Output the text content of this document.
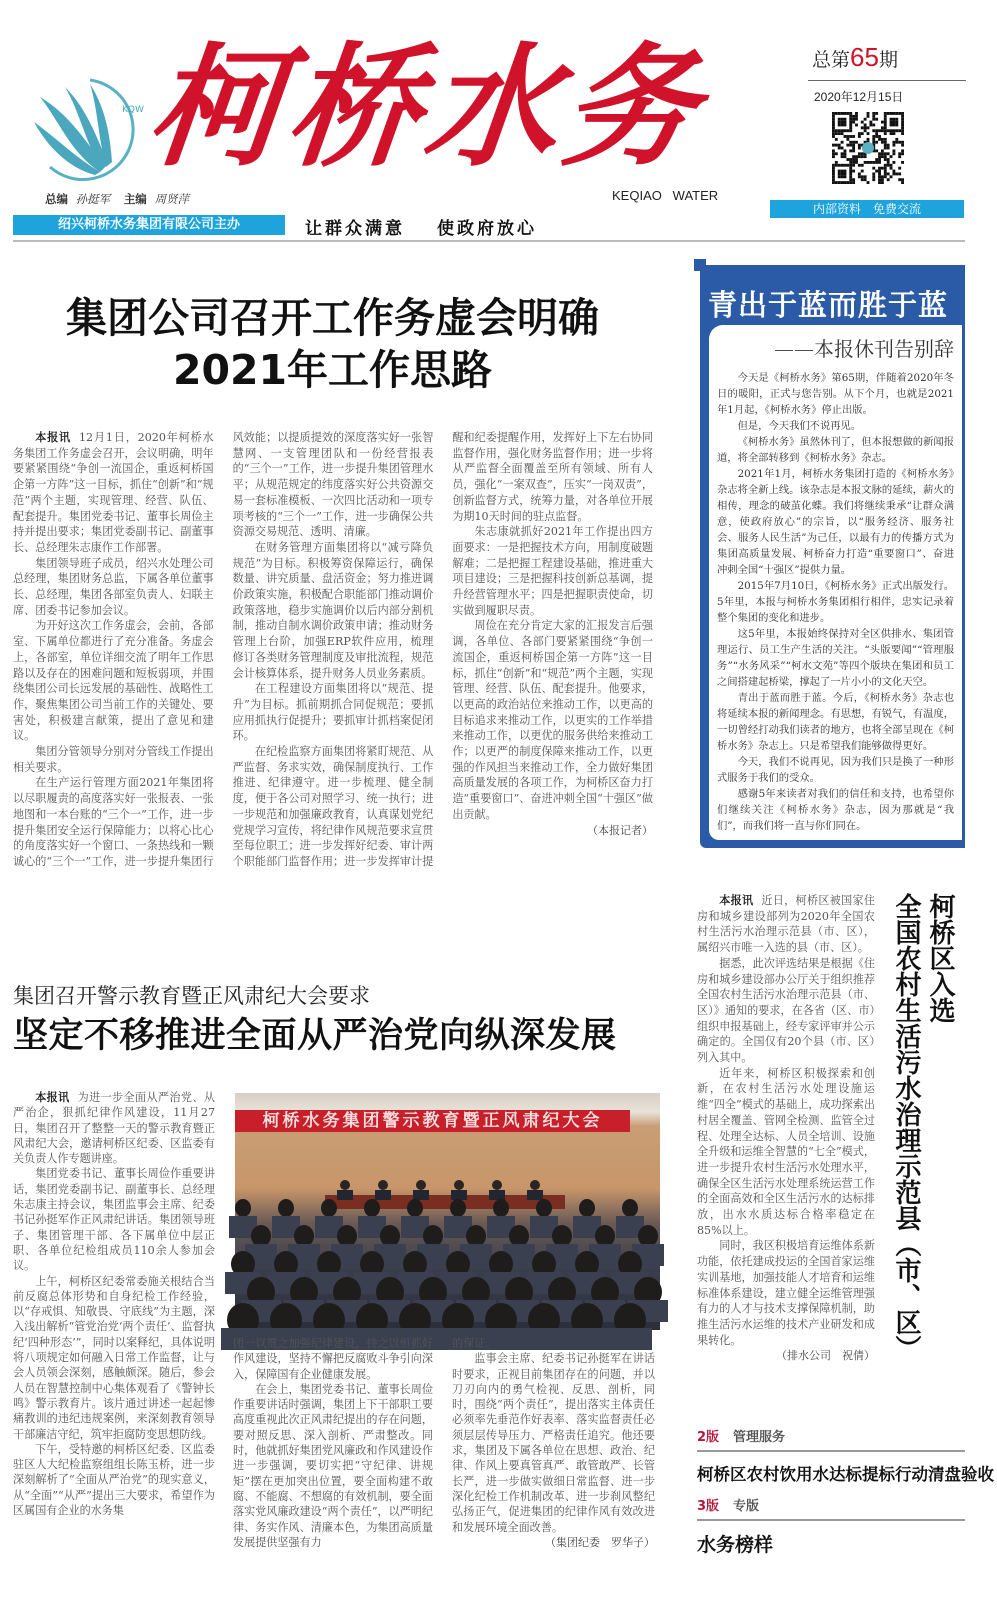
KQW
柯桥水务	总第65期
2020年12月15日
总编 孙挺军 主编 周贤萍	KEQIAO   WATER
内部资料　免费交流
绍兴柯桥水务集团有限公司主办	让群众满意 使政府放心
集团公司召开工作务虚会明确
2021年工作思路

本报讯 12月1日，2020年柯桥水务集团工作务虚会召开，会议明确，明年要紧紧围绕“争创一流国企，重返柯桥国企第一方阵”这一目标，抓住“创新”和“规范”两个主题，实现管理、经营、队伍、配套提升。集团党委书记、董事长周俭主持并提出要求；集团党委副书记、副董事长、总经理朱志康作工作部署。

集团领导班子成员，绍兴水处理公司总经理，集团财务总监，下属各单位董事长、总经理，集团各部室负责人、妇联主席、团委书记参加会议。

为开好这次工作务虚会，会前，各部室、下属单位都进行了充分准备。务虚会上，各部室，单位详细交流了明年工作思路以及存在的困难问题和短板弱项，并围绕集团公司长远发展的基础性、战略性工作，聚焦集团公司当前工作的关键处、要害处，积极建言献策，提出了意见和建议。

集团分管领导分别对分管线工作提出相关要求。

在生产运行管理方面2021年集团将以尽职履责的高度落实好一张报表、一张地图和一本台账的“三个一”工作，进一步提升集团安全运行保障能力；以将心比心的角度落实好一个窗口、一条热线和一颗诚心的“三个一”工作，进一步提升集团行风效能；以提质提效的深度落实好一张智慧网、一支管理团队和一份经营报表的“三个一”工作，进一步提升集团管理水平；从规范规定的纬度落实好公共资源交易一套标准模板、一次四比活动和一项专项考核的“三个一”工作，进一步确保公共资源交易规范、透明、清廉。

在财务管理方面集团将以“减亏降负规范”为目标。积极筹资保障运行，确保数量、讲究质量、盘活资金；努力推进调价政策实施，积极配合职能部门推动调价政策落地，稳步实施调价以后内部分割机制，推动自制水调价政策申请；推动财务管理上台阶，加强ERP软件应用，梳理修订各类财务管理制度及审批流程，规范会计核算体系，提升财务人员业务素质。

在工程建设方面集团将以“规范、提升”为目标。抓前期抓合同促规范；要抓应用抓执行促提升；要抓审计抓档案促闭环。

在纪检监察方面集团将紧盯规范、从严监督、务求实效，确保制度执行、工作推进、纪律遵守。进一步梳理、健全制度，便于各公司对照学习、统一执行；进一步规范和加强廉政教育，认真谋划党纪党规学习宣传，将纪律作风规范要求宣贯至每位职工；进一步发挥好纪委、审计两个职能部门监督作用；进一步发挥审计提醒和纪委提醒作用，发挥好上下左右协同监督作用，强化财务监督作用；进一步将从严监督全面覆盖至所有领域、所有人员，强化“一案双查”，压实“一岗双责”，创新监督方式，统筹力量，对各单位开展为期10天时间的驻点监督。

朱志康就抓好2021年工作提出四方面要求：一是把握技术方向，用制度破题解难；二是把握工程建设基础，推进重大项目建设；三是把握科技创新总基调，提升经营管理水平；四是把握职责使命，切实做到履职尽责。

周俭在充分肯定大家的汇报发言后强调，各单位、各部门要紧紧围绕“争创一流国企，重返柯桥国企第一方阵”这一目标，抓住“创新”和“规范”两个主题，实现管理、经营、队伍、配套提升。他要求，以更高的政治站位来推动工作，以更高的目标追求来推动工作，以更实的工作举措来推动工作，以更优的服务供给来推动工作；以更严的制度保障来推动工作，以更强的作风担当来推动工作，全力做好集团高质量发展的各项工作，为柯桥区奋力打造“重要窗口”、奋进冲刺全国“十强区”做出贡献。

（本报记者）
青出于蓝而胜于蓝
——本报休刊告别辞

今天是《柯桥水务》第65期，伴随着2020年冬日的暖阳，正式与您告别。从下个月，也就是2021年1月起，《柯桥水务》停止出版。

但是，今天我们不说再见。

《柯桥水务》虽然休刊了，但本报想做的新闻报道，将全部转移到《柯桥水务》杂志。

2021年1月，柯桥水务集团打造的《柯桥水务》杂志将全新上线。该杂志是本报文脉的延续，薪火的相传，理念的破茧化蝶。我们将继续秉承“让群众满意，使政府放心”的宗旨，以“服务经济、服务社会、服务人民生活”为己任，以最有力的传播方式为集团高质量发展、柯桥奋力打造“重要窗口”、奋进冲刺全国“十强区”提供力量。

2015年7月10日，《柯桥水务》正式出版发行。5年里，本报与柯桥水务集团相行相伴，忠实记录着整个集团的变化和进步。

这5年里，本报始终保持对全区供排水、集团管理运行、员工生产生活的关注。“头版要闻”“管理服务”“水务风采”“柯水文苑”等四个版块在集团和员工之间搭建起桥梁，撑起了一片小小的文化天空。

青出于蓝而胜于蓝。今后，《柯桥水务》杂志也将延续本报的新闻理念。有思想，有锐气，有温度，一切曾经打动我们读者的地方，也将全部呈现在《柯桥水务》杂志上。只是希望我们能够做得更好。

今天，我们不说再见，因为我们只是换了一种形式服务于我们的受众。

感谢5年来读者对我们的信任和支持，也希望你们继续关注《柯桥水务》杂志，因为那就是“我们”，而我们将一直与你们同在。

本报讯 近日，柯桥区被国家住房和城乡建设部列为2020年全国农村生活污水治理示范县（市、区），属绍兴市唯一入选的县（市、区）。

据悉，此次评选结果是根据《住房和城乡建设部办公厅关于组织推荐全国农村生活污水治理示范县（市、区）》通知的要求，在各省（区、市）组织申报基础上，经专家评审并公示确定的。全国仅有20个县（市、区）列入其中。

近年来，柯桥区积极探索和创新，在农村生活污水处理设施运维“四全”模式的基础上，成功探索出村居全覆盖、管网全检测、监管全过程、处理全达标、人员全培训、设施全升级和运维全智慧的“七全”模式，进一步提升农村生活污水处理水平，确保全区生活污水处理系统运营工作的全面高效和全区生活污水的达标排放，出水水质达标合格率稳定在85%以上。

同时，我区积极培育运维体系新功能，依托建成投运的全国首家运维实训基地，加强技能人才培育和运维标准体系建设，建立健全运维管理强有力的人才与技术支撑保障机制，助推生活污水运维的技术产业研发和成果转化。

（排水公司　祝倩）
柯桥区入选
全国农村生活污水治理示范县（市、区）
集团召开警示教育暨正风肃纪大会要求
坚定不移推进全面从严治党向纵深发展

本报讯 为进一步全面从严治党、从严治企，狠抓纪律作风建设，11月27日，集团召开了整整一天的警示教育暨正风肃纪大会，邀请柯桥区纪委、区监委有关负责人作专题讲座。

集团党委书记、董事长周俭作重要讲话，集团党委副书记、副董事长、总经理朱志康主持会议，集团监事会主席、纪委书记孙挺军作正风肃纪讲话。集团领导班子、集团管理干部、各下属单位中层正职、各单位纪检组成员110余人参加会议。

上午，柯桥区纪委常委施关根结合当前反腐总体形势和自身纪检工作经验，以“存戒惧、知敬畏、守底线”为主题，深入浅出解析“管党治党‘两个责任’、监督执纪‘四种形态’”，同时以案释纪，具体说明将八项规定如何融入日常工作监督，让与会人员领会深刻，感触颇深。随后，参会人员在智慧控制中心集体观看了《警钟长鸣》警示教育片。该片通过讲述一起起惨痛教训的违纪违规案例，来深刻教育领导干部廉洁守纪，筑牢拒腐防变思想防线。

下午，受特邀的柯桥区纪委、区监委驻区人大纪检监察组组长陈玉桥，进一步深刻解析了“全面从严治党”的现实意义，从“全面”“从严”提出三大要求，希望作为区属国有企业的水务集

柯桥水务集团警示教育暨正风肃纪大会

团一以贯之加强纪律建设，持之以恒抓好作风建设，坚持不懈把反腐败斗争引向深入，保障国有企业健康发展。

在会上，集团党委书记、董事长周俭作重要讲话时强调，集团上下干部职工要高度重视此次正风肃纪提出的存在问题，要对照反思、深入剖析、严肃整改。同时，他就抓好集团党风廉政和作风建设作进一步强调，要切实把“守纪律、讲规矩”摆在更加突出位置，要全面构建不敢腐、不能腐、不想腐的有效机制，要全面落实党风廉政建设“两个责任”，以严明纪律、务实作风、清廉本色，为集团高质量发展提供坚强有力

的保证。

监事会主席、纪委书记孙挺军在讲话时要求，正视目前集团存在的问题，并以刀刃向内的勇气检视、反思、剖析，同时，围绕“两个责任”，提出落实主体责任必须率先垂范作好表率、落实监督责任必须层层传导压力、严格责任追究。他还要求，集团及下属各单位在思想、政治、纪律、作风上要真管真严、敢管敢严、长管长严，进一步做实做细日常监督、进一步深化纪检工作机制改革、进一步刹风整纪弘扬正气，促进集团的纪律作风有效改进和发展环境全面改善。

（集团纪委　罗华子）
2版 管理服务
柯桥区农村饮用水达标提标行动清盘验收
3版 专版
水务榜样
